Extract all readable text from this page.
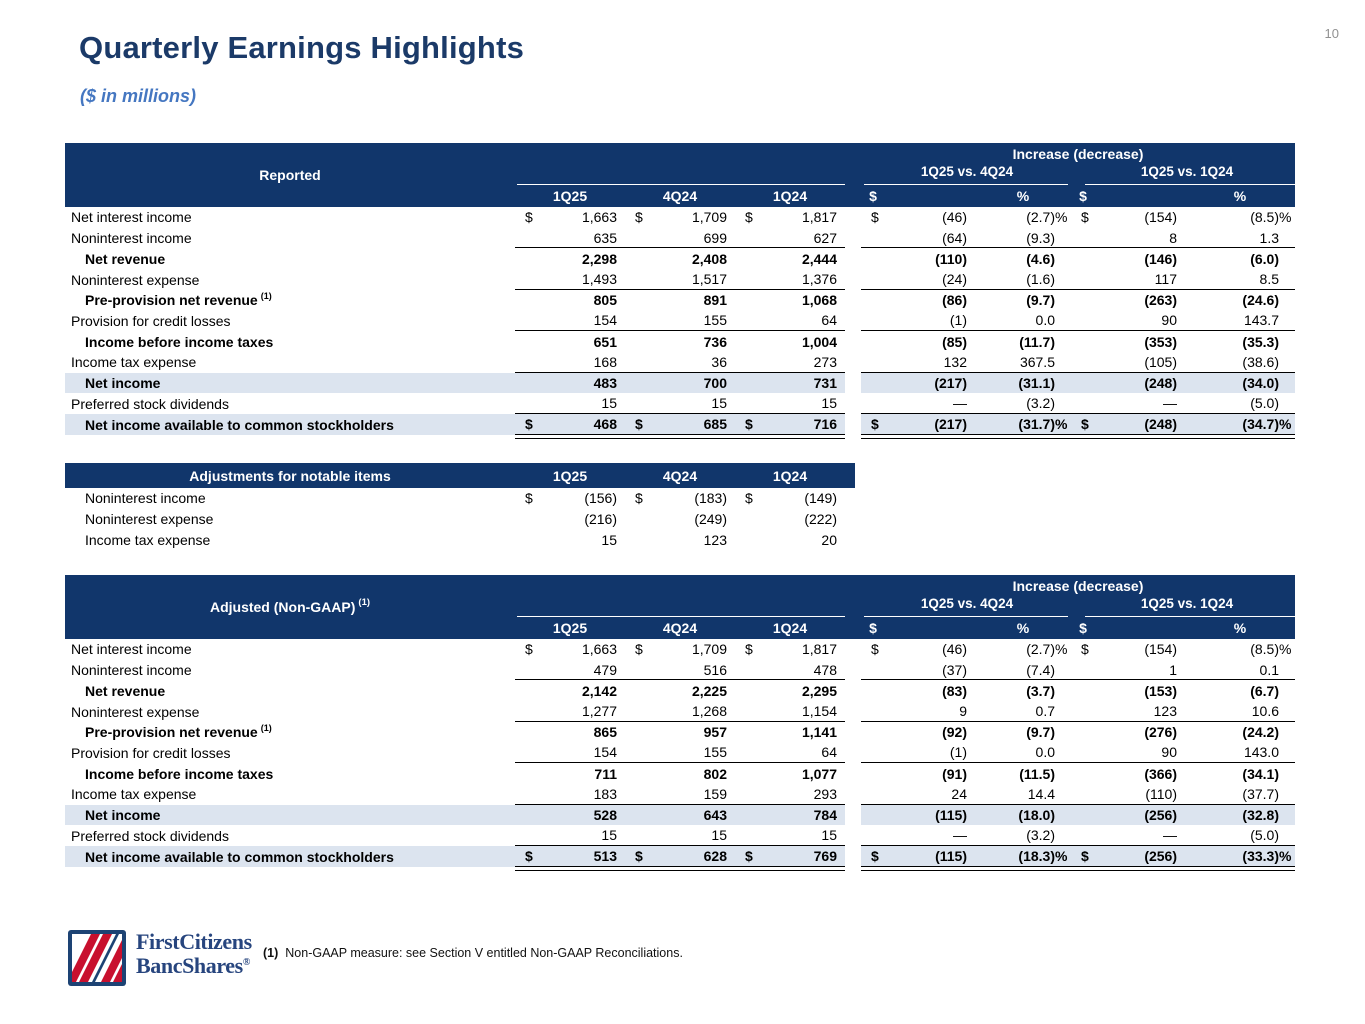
10
Quarterly Earnings Highlights
($ in millions)
Reported
Increase (decrease)
1Q25 vs. 4Q24	1Q25 vs. 1Q24
1Q25	4Q24	1Q24	$	%	$	%
Net interest income	$	1,663	$	1,709	$	1,817	$	(46)	(2.7) % $	(154)	(8.5) %
Noninterest income	635	699	627	(64)	(9.3)	8	1.3
Net revenue	2,298	2,408	2,444	(110)	(4.6)	(146)	(6.0)
Noninterest expense	1,493	1,517	1,376	(24)	(1.6)	117	8.5
Pre-provision net revenue (1)	805	891	1,068	(86)	(9.7)	(263)	(24.6)
Provision for credit losses	154	155	64	(1)	0.0	90	143.7
Income before income taxes	651	736	1,004	(85)	(11.7)	(353)	(35.3)
Income tax expense	168	36	273	132	367.5	(105)	(38.6)
Net income	483	700	731	(217)	(31.1)	(248)	(34.0)
Preferred stock dividends	15	15	15	—	(3.2)	—	(5.0)
Net income available to common stockholders	$	468	$	685	$	716	$	(217)	(31.7) % $	(248)	(34.7) %
Adjustments for notable items	1Q25	4Q24	1Q24
Noninterest income	$	(156)	$	(183)	$	(149)
Noninterest expense	(216)	(249)	(222)
Income tax expense	15	123	20
Adjusted (Non-GAAP) (1)
Increase (decrease)
1Q25 vs. 4Q24	1Q25 vs. 1Q24
1Q25	4Q24	1Q24	$	%	$	%
Net interest income	$	1,663	$	1,709	$	1,817	$	(46)	(2.7) % $	(154)	(8.5) %
Noninterest income	479	516	478	(37)	(7.4)	1	0.1
Net revenue	2,142	2,225	2,295	(83)	(3.7)	(153)	(6.7)
Noninterest expense	1,277	1,268	1,154	9	0.7	123	10.6
Pre-provision net revenue (1)	865	957	1,141	(92)	(9.7)	(276)	(24.2)
Provision for credit losses	154	155	64	(1)	0.0	90	143.0
Income before income taxes	711	802	1,077	(91)	(11.5)	(366)	(34.1)
Income tax expense	183	159	293	24	14.4	(110)	(37.7)
Net income	528	643	784	(115)	(18.0)	(256)	(32.8)
Preferred stock dividends	15	15	15	—	(3.2)	—	(5.0)
Net income available to common stockholders	$	513	$	628	$	769	$	(115)	(18.3) % $	(256)	(33.3) %
FirstCitizens
BancShares®
(1) Non-GAAP measure: see Section V entitled Non-GAAP Reconciliations.
